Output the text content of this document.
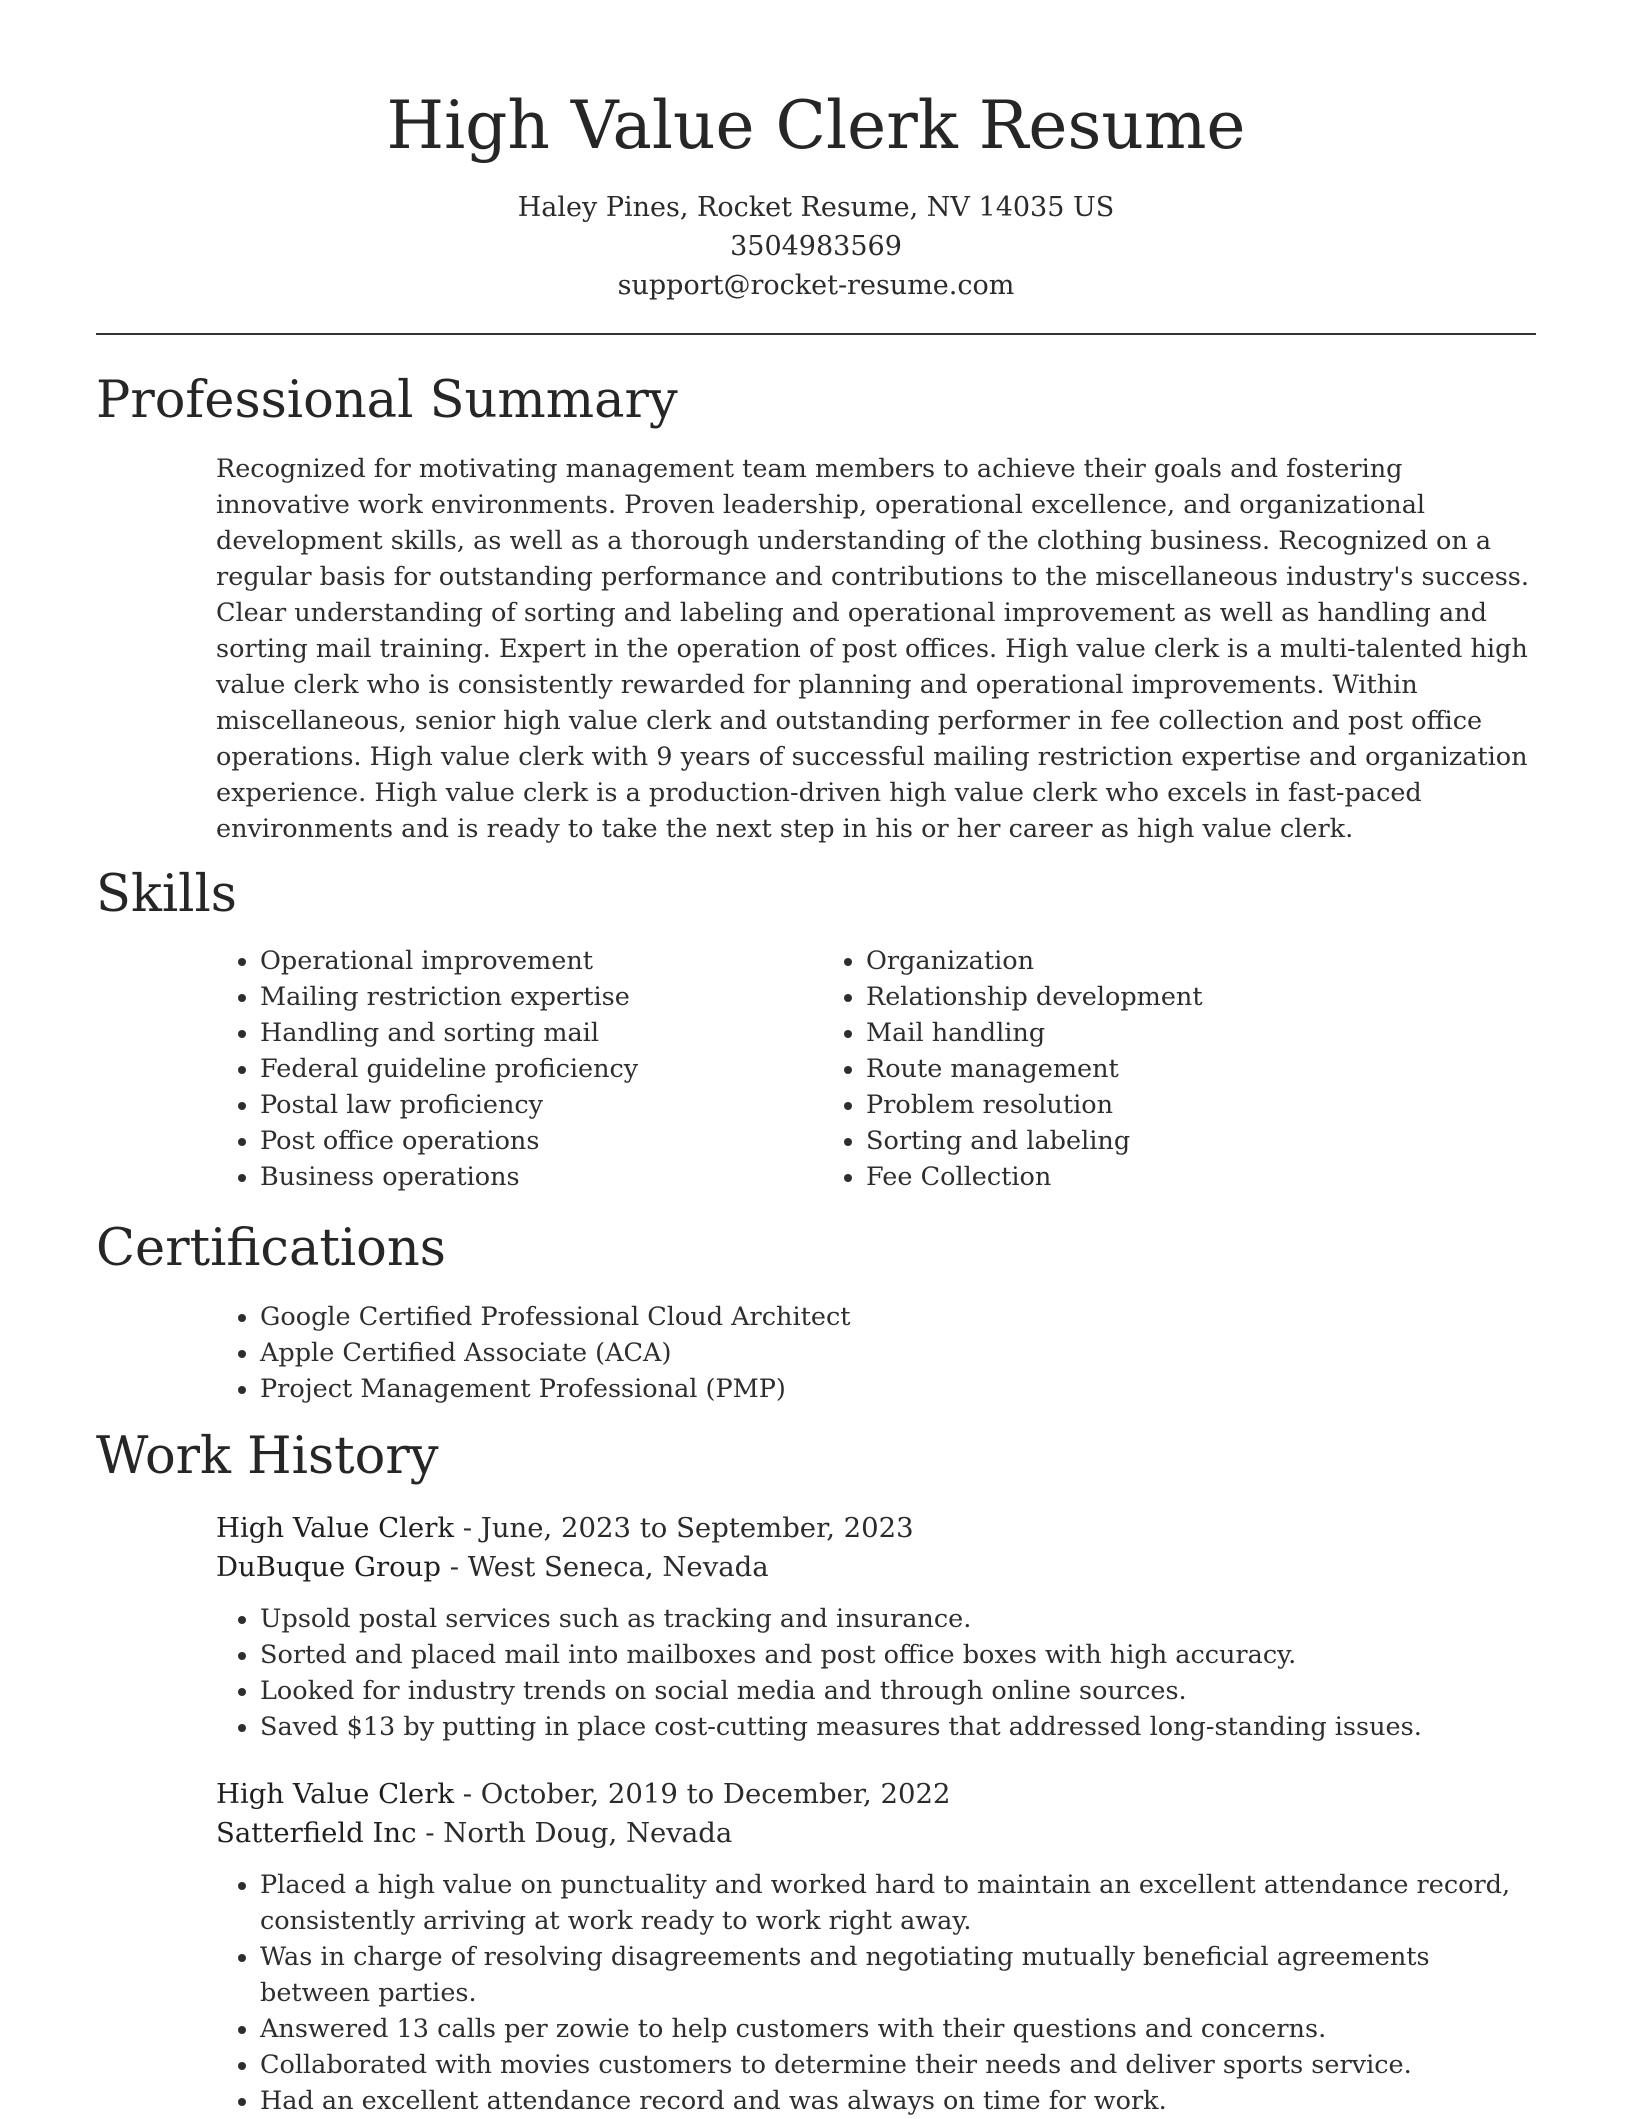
High Value Clerk Resume
Haley Pines, Rocket Resume, NV 14035 US
3504983569
support@rocket-resume.com
Professional Summary
Recognized for motivating management team members to achieve their goals and fostering innovative work environments. Proven leadership, operational excellence, and organizational development skills, as well as a thorough understanding of the clothing business. Recognized on a regular basis for outstanding performance and contributions to the miscellaneous industry's success. Clear understanding of sorting and labeling and operational improvement as well as handling and sorting mail training. Expert in the operation of post offices. High value clerk is a multi-talented high value clerk who is consistently rewarded for planning and operational improvements. Within miscellaneous, senior high value clerk and outstanding performer in fee collection and post office operations. High value clerk with 9 years of successful mailing restriction expertise and organization experience. High value clerk is a production-driven high value clerk who excels in fast-paced environments and is ready to take the next step in his or her career as high value clerk.
Skills
• Operational improvement
• Mailing restriction expertise
• Handling and sorting mail
• Federal guideline proficiency
• Postal law proficiency
• Post office operations
• Business operations
• Organization
• Relationship development
• Mail handling
• Route management
• Problem resolution
• Sorting and labeling
• Fee Collection
Certifications
• Google Certified Professional Cloud Architect
• Apple Certified Associate (ACA)
• Project Management Professional (PMP)
Work History
High Value Clerk - June, 2023 to September, 2023
DuBuque Group - West Seneca, Nevada
• Upsold postal services such as tracking and insurance.
• Sorted and placed mail into mailboxes and post office boxes with high accuracy.
• Looked for industry trends on social media and through online sources.
• Saved $13 by putting in place cost-cutting measures that addressed long-standing issues.
High Value Clerk - October, 2019 to December, 2022
Satterfield Inc - North Doug, Nevada
• Placed a high value on punctuality and worked hard to maintain an excellent attendance record, consistently arriving at work ready to work right away.
• Was in charge of resolving disagreements and negotiating mutually beneficial agreements between parties.
• Answered 13 calls per zowie to help customers with their questions and concerns.
• Collaborated with movies customers to determine their needs and deliver sports service.
• Had an excellent attendance record and was always on time for work.
